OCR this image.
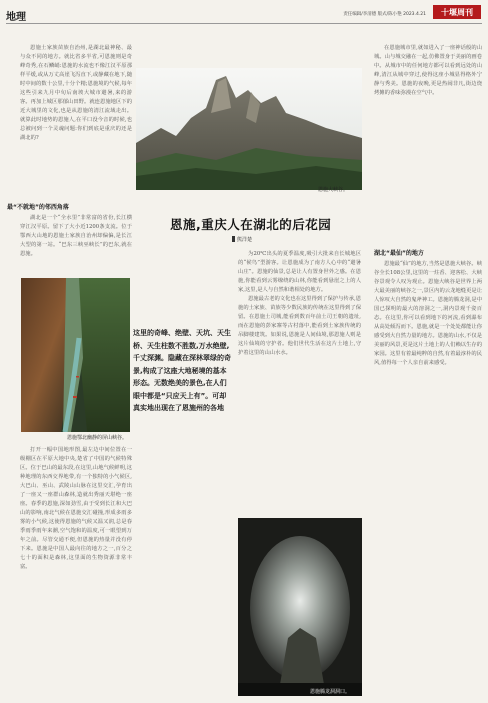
地理	责任编辑/李清德 版式/陈小艳 2023.4.21	十堰周刊

恩施土家族苗族自治州,是湖北最神秘、最与众不同的地方。就比省多半省,可恩施则是奇峰奇秀,在石鳞峭:恩施的水流也不像江汉平原那样平缓,或从万丈高崖飞泻直下,或静藏在地下,随时中间的数十公里,十分个精;恩施境的气候,每年这些引来九月中旬后南坡大城市避暑,来的游客。再加上城区那郁山田野。就连恩施地区下的近大城里的文化,也是从恩施的清江流域走出。就算此时地势的恩施人,在平口没今音的时候,也总被问到一个灵魂问题:你们到底是重庆的还是湖北的?

最“不就地”的邻西角落

湖北是一个“全水里”非常富的省份,长江横穿江汉平原。留下了大小近1200条支流。位于鄂西大山地的恩施土家族自治州却偏偏,是长江大型的第一站。“巴东三峡巫峡长”的巴东,就在恩施。

恩施鄂北幽静的屏山峡谷。

打开一幅中国地形图,最左边中间位置在一级棚区在平原大地中央,楚省了中国的气候特殊区。位于巴山的最东段,在这里,山地气候鲜明,这种地理的东西交界地带,有一个独特的小气候区,大巴山、巫山、武陵山山脉在这里交汇,孕育出了一座又一座群山森林,造就出秀丽天堪绝一座座。春季的恩施,深如劲雪,由于受到长江和大巴山的影响,南北气候在恩施交汇碰撞,形成多雨多雾的小气候,这使得恩施的气候又温又润,总是春季雨季雨年来潮,空气饱和的温度,可一眼望到万年之前。尽管交通不便,但恩施的热量并没有停下来。恩施是中国人最向往的地方之一,百分之七十的面积是森林,这里面的生物资源非常丰富。

恩施大峡谷。
恩施,重庆人在湖北的后花园
熊洋楚

为20℃出头的夏季温度,吸引大批来自长城地区的“候鸟”型游客。让恩施成为了南方人心中的“避暑山庄”。恩施的仙景,总是让人有置身世外之感。在恩施,你能看到云雾缭绕的山林,你能看到悬崖之上的人家,这里,是人与自然和谐相处的地方。

恩施最古老的文化也在这里得到了保护与传承,恩施的土家族、苗族等少数民族的传统在这里得到了保留。在恩施土司城,能看到数百年前土司王朝的遗址,而在恩施的彭家寨等古村落中,能看到土家族传统的吊脚楼建筑。如果说,恩施是人间仙境,那恩施人则是这片仙境的守护者。他们世代生活在这片土地上,守护着这里的山山水水。

这里的奇峰、绝壁、天坑、天生桥、天生柱数不胜数,万水绝壁,千丈深渊。隐藏在深林翠绿的奇景,构成了这座大地秘境的基本形态。无数绝美的景色,在人们眼中都是“只应天上有”。可却真实地出现在了恩施州的各地

恩施腾龙洞洞口。

在恩施城市里,就如进入了一座神话般的山城。山与城交融在一起,仿佛置身于美丽的画卷中。从城市中的任何地方都可以看到远处的山峰,清江从城中穿过,使得这座小城显得格外宁静与秀美。恩施的夜晚,更是热闹非凡,街边烧烤摊的香味弥漫在空气中。

湖北“最仙”的地方

恩施最“仙”的地方,当然是恩施大峡谷。峡谷全长108公里,这里的一炷香、迎客松、大峡谷景观令人叹为观止。恩施大峡谷是世界上两大最美丽的峡谷之一,景区内的云龙地缝更是让人惊叹大自然的鬼斧神工。恩施的腾龙洞,是中国已探明的最大的溶洞之一,洞内景观千姿百态。在这里,你可以看到地下的河流,看到瀑布从高处倾泻而下。恩施,就是一个处处都能让你感受到大自然力量的地方。恩施的山水,不仅是美丽的风景,更是这片土地上的人们赖以生存的家园。这里有着最纯粹的自然,有着最淳朴的民风,值得每一个人亲自前来感受。
